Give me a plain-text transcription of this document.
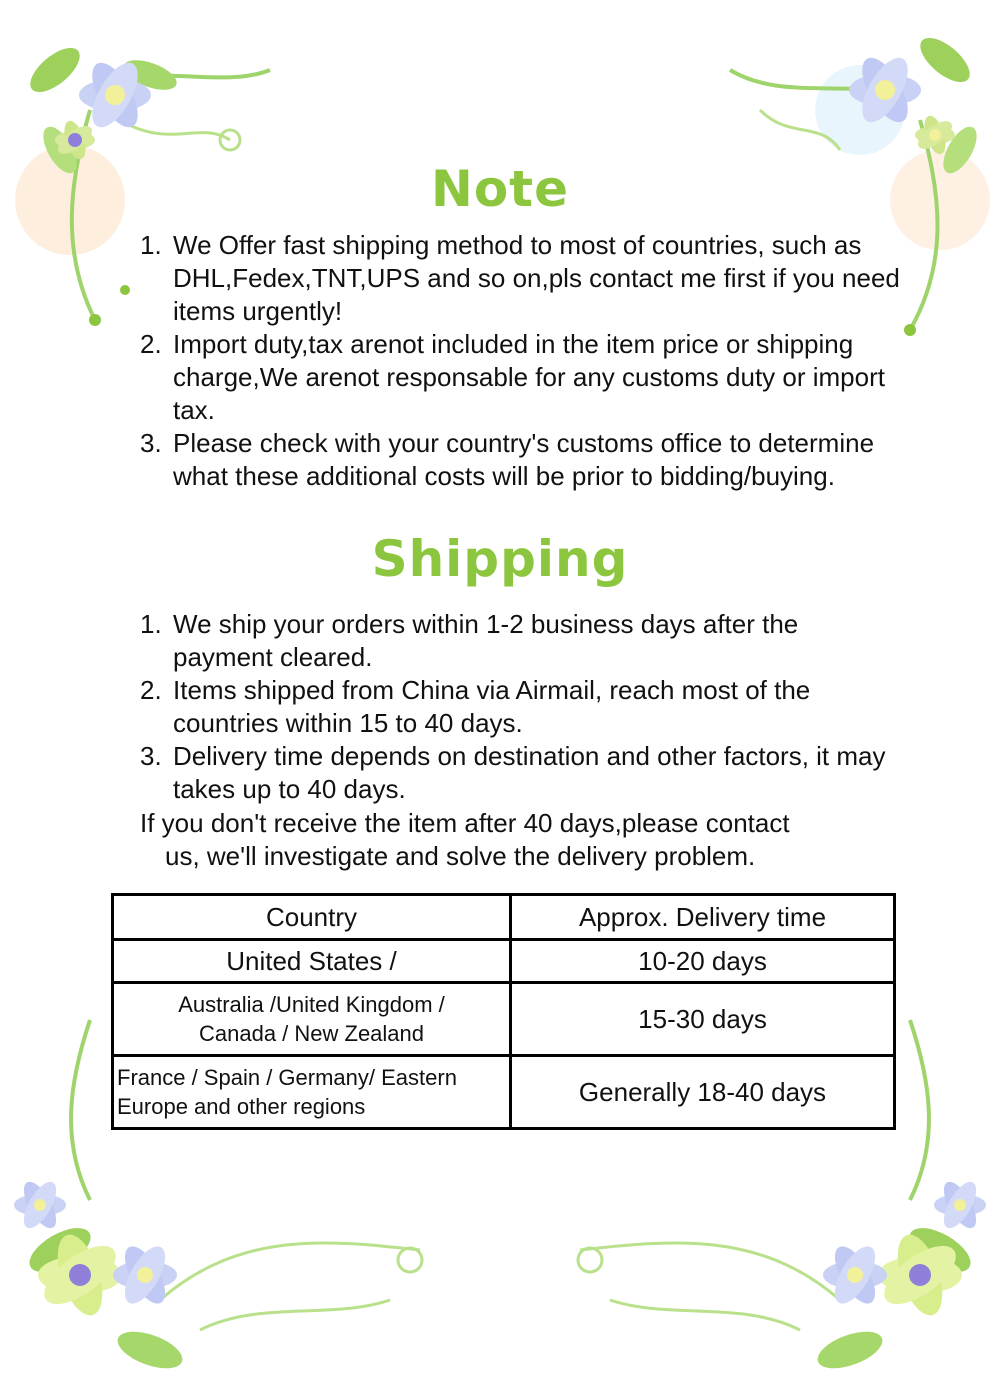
Note
1. We Offer fast shipping method to most of countries, such as DHL,Fedex,TNT,UPS and so on,pls contact me first if you need items urgently!
2. Import duty,tax arenot included in the item price or shipping charge,We arenot responsable for any customs duty or import tax.
3. Please check with your country's customs office to determine what these additional costs will be prior to bidding/buying.
Shipping
1. We ship your orders within 1-2 business days after the payment cleared.
2. Items shipped from China via Airmail, reach most of the countries within 15 to 40 days.
3. Delivery time depends on destination and other factors, it may takes up to 40 days.
If you don't receive the item after 40 days,please contact
us, we'll investigate and solve the delivery problem.
Country	Approx. Delivery time
United States /	10-20 days

Australia /United Kingdom /
Canada / New Zealand	15-30 days

France / Spain / Germany/ Eastern
Europe and other regions	Generally 18-40 days
